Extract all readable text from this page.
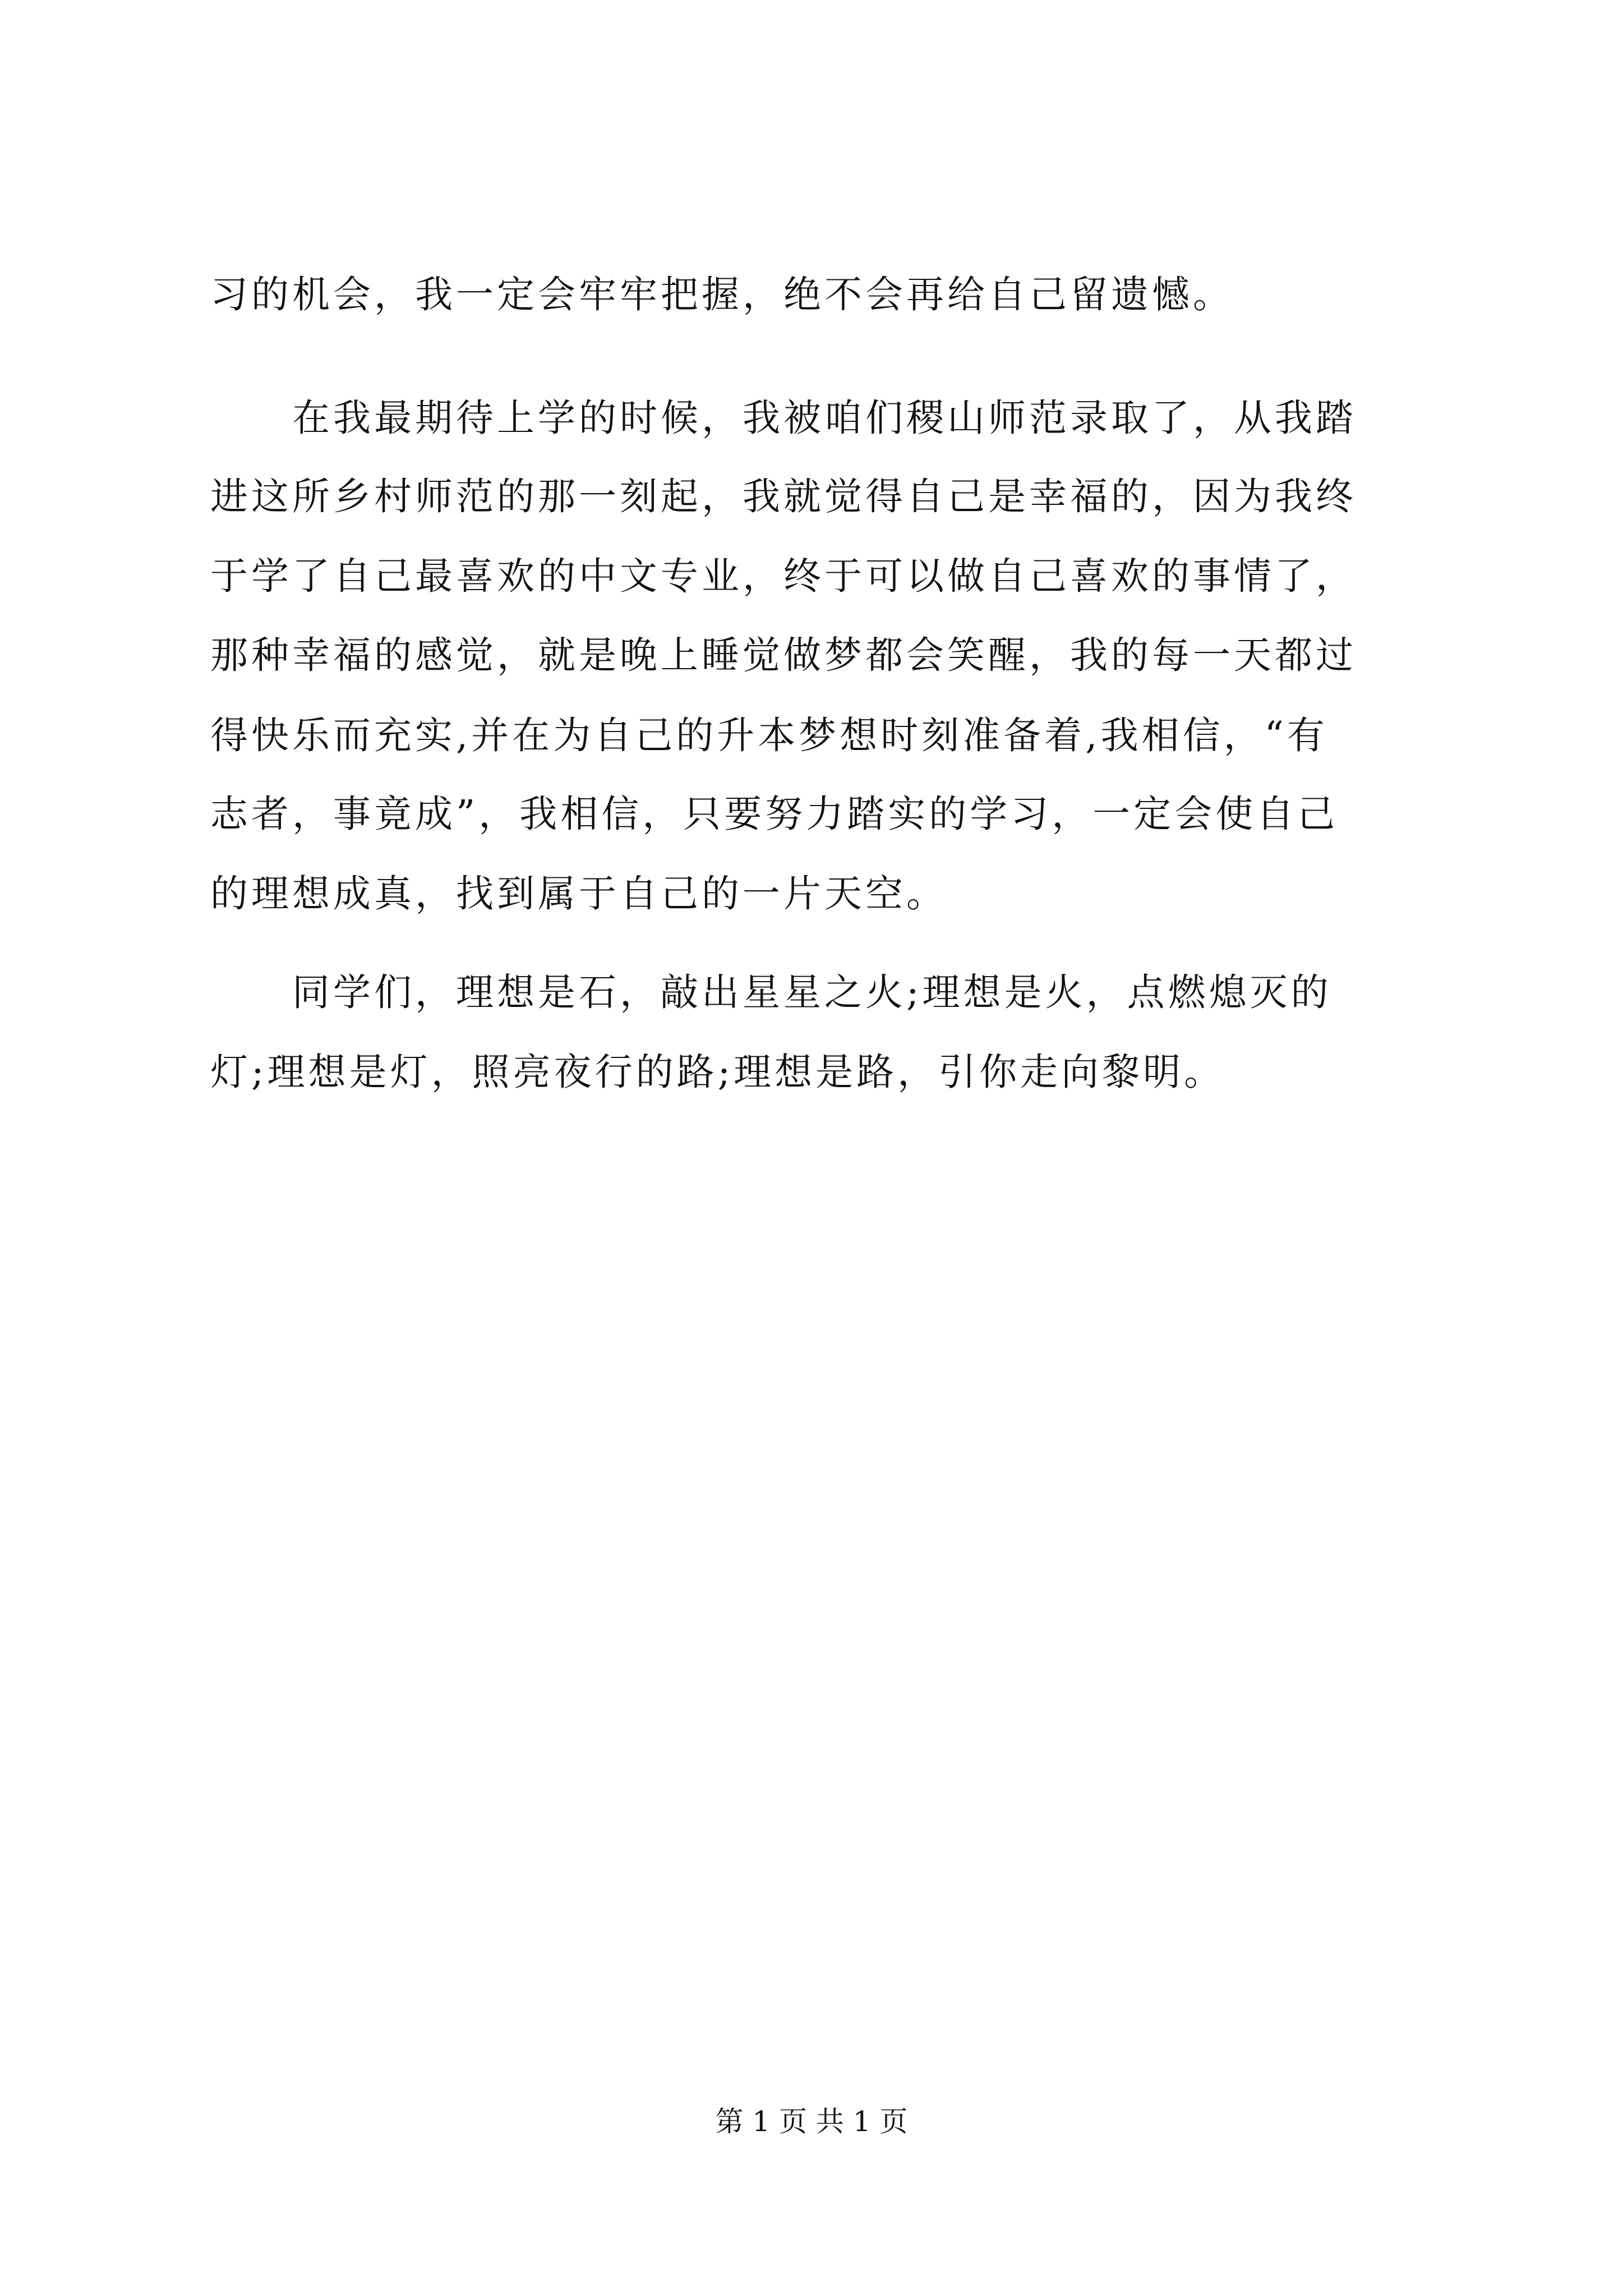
习的机会，我一定会牢牢把握，绝不会再给自己留遗憾。
　　在我最期待上学的时候，我被咱们稷山师范录取了，从我踏
进这所乡村师范的那一刻起，我就觉得自己是幸福的，因为我终
于学了自己最喜欢的中文专业，终于可以做自己喜欢的事情了，
那种幸福的感觉，就是晚上睡觉做梦都会笑醒，我的每一天都过
得快乐而充实,并在为自己的升本梦想时刻准备着,我相信，“有
志者，事竟成”，我相信，只要努力踏实的学习，一定会使自己
的理想成真，找到属于自己的一片天空。
　　同学们，理想是石，敲出星星之火;理想是火，点燃熄灭的
灯;理想是灯，照亮夜行的路;理想是路，引你走向黎明。
第 1 页 共 1 页
